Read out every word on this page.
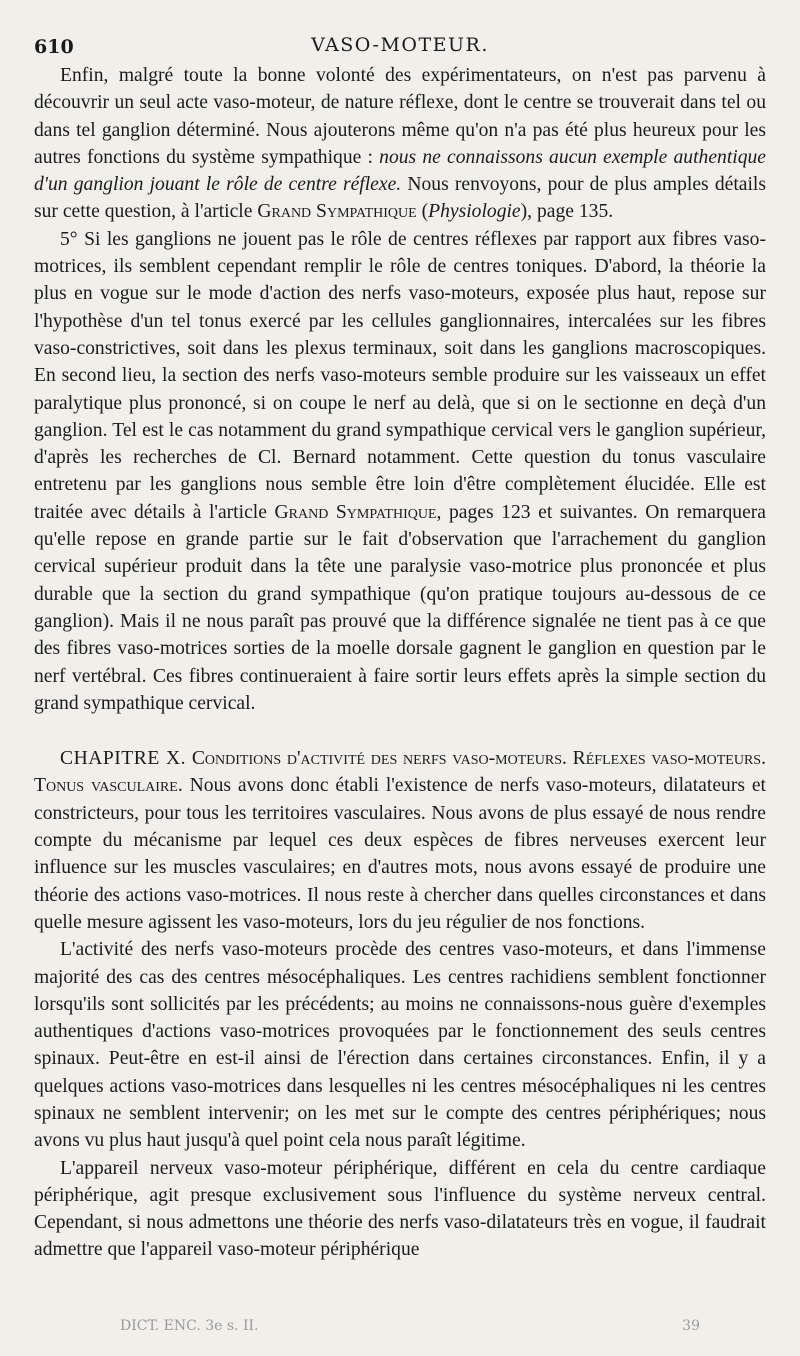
610	VASO-MOTEUR.

Enfin, malgré toute la bonne volonté des expérimentateurs, on n'est pas parvenu à découvrir un seul acte vaso-moteur, de nature réflexe, dont le centre se trouverait dans tel ou dans tel ganglion déterminé. Nous ajouterons même qu'on n'a pas été plus heureux pour les autres fonctions du système sympathique : nous ne connaissons aucun exemple authentique d'un ganglion jouant le rôle de centre réflexe. Nous renvoyons, pour de plus amples détails sur cette question, à l'article Grand Sympathique (Physiologie), page 135.

5° Si les ganglions ne jouent pas le rôle de centres réflexes par rapport aux fibres vaso-motrices, ils semblent cependant remplir le rôle de centres toniques. D'abord, la théorie la plus en vogue sur le mode d'action des nerfs vaso-moteurs, exposée plus haut, repose sur l'hypothèse d'un tel tonus exercé par les cellules ganglionnaires, intercalées sur les fibres vaso-constrictives, soit dans les plexus terminaux, soit dans les ganglions macroscopiques. En second lieu, la section des nerfs vaso-moteurs semble produire sur les vaisseaux un effet paralytique plus prononcé, si on coupe le nerf au delà, que si on le sectionne en deçà d'un ganglion. Tel est le cas notamment du grand sympathique cervical vers le ganglion supérieur, d'après les recherches de Cl. Bernard notamment. Cette question du tonus vasculaire entretenu par les ganglions nous semble être loin d'être complètement élucidée. Elle est traitée avec détails à l'article Grand Sympathique, pages 123 et suivantes. On remarquera qu'elle repose en grande partie sur le fait d'observation que l'arrachement du ganglion cervical supérieur produit dans la tête une paralysie vaso-motrice plus prononcée et plus durable que la section du grand sympathique (qu'on pratique toujours au-dessous de ce ganglion). Mais il ne nous paraît pas prouvé que la différence signalée ne tient pas à ce que des fibres vaso-motrices sorties de la moelle dorsale gagnent le ganglion en question par le nerf vertébral. Ces fibres continueraient à faire sortir leurs effets après la simple section du grand sympathique cervical.

CHAPITRE X. Conditions d'activité des nerfs vaso-moteurs. Réflexes vaso-moteurs. Tonus vasculaire. Nous avons donc établi l'existence de nerfs vaso-moteurs, dilatateurs et constricteurs, pour tous les territoires vasculaires. Nous avons de plus essayé de nous rendre compte du mécanisme par lequel ces deux espèces de fibres nerveuses exercent leur influence sur les muscles vasculaires; en d'autres mots, nous avons essayé de produire une théorie des actions vaso-motrices. Il nous reste à chercher dans quelles circonstances et dans quelle mesure agissent les vaso-moteurs, lors du jeu régulier de nos fonctions.

L'activité des nerfs vaso-moteurs procède des centres vaso-moteurs, et dans l'immense majorité des cas des centres mésocéphaliques. Les centres rachidiens semblent fonctionner lorsqu'ils sont sollicités par les précédents; au moins ne connaissons-nous guère d'exemples authentiques d'actions vaso-motrices provoquées par le fonctionnement des seuls centres spinaux. Peut-être en est-il ainsi de l'érection dans certaines circonstances. Enfin, il y a quelques actions vaso-motrices dans lesquelles ni les centres mésocéphaliques ni les centres spinaux ne semblent intervenir; on les met sur le compte des centres périphériques; nous avons vu plus haut jusqu'à quel point cela nous paraît légitime.

L'appareil nerveux vaso-moteur périphérique, différent en cela du centre cardiaque périphérique, agit presque exclusivement sous l'influence du système nerveux central. Cependant, si nous admettons une théorie des nerfs vaso-dilatateurs très en vogue, il faudrait admettre que l'appareil vaso-moteur périphérique

DICT. ENC. 3e s. II.	39
